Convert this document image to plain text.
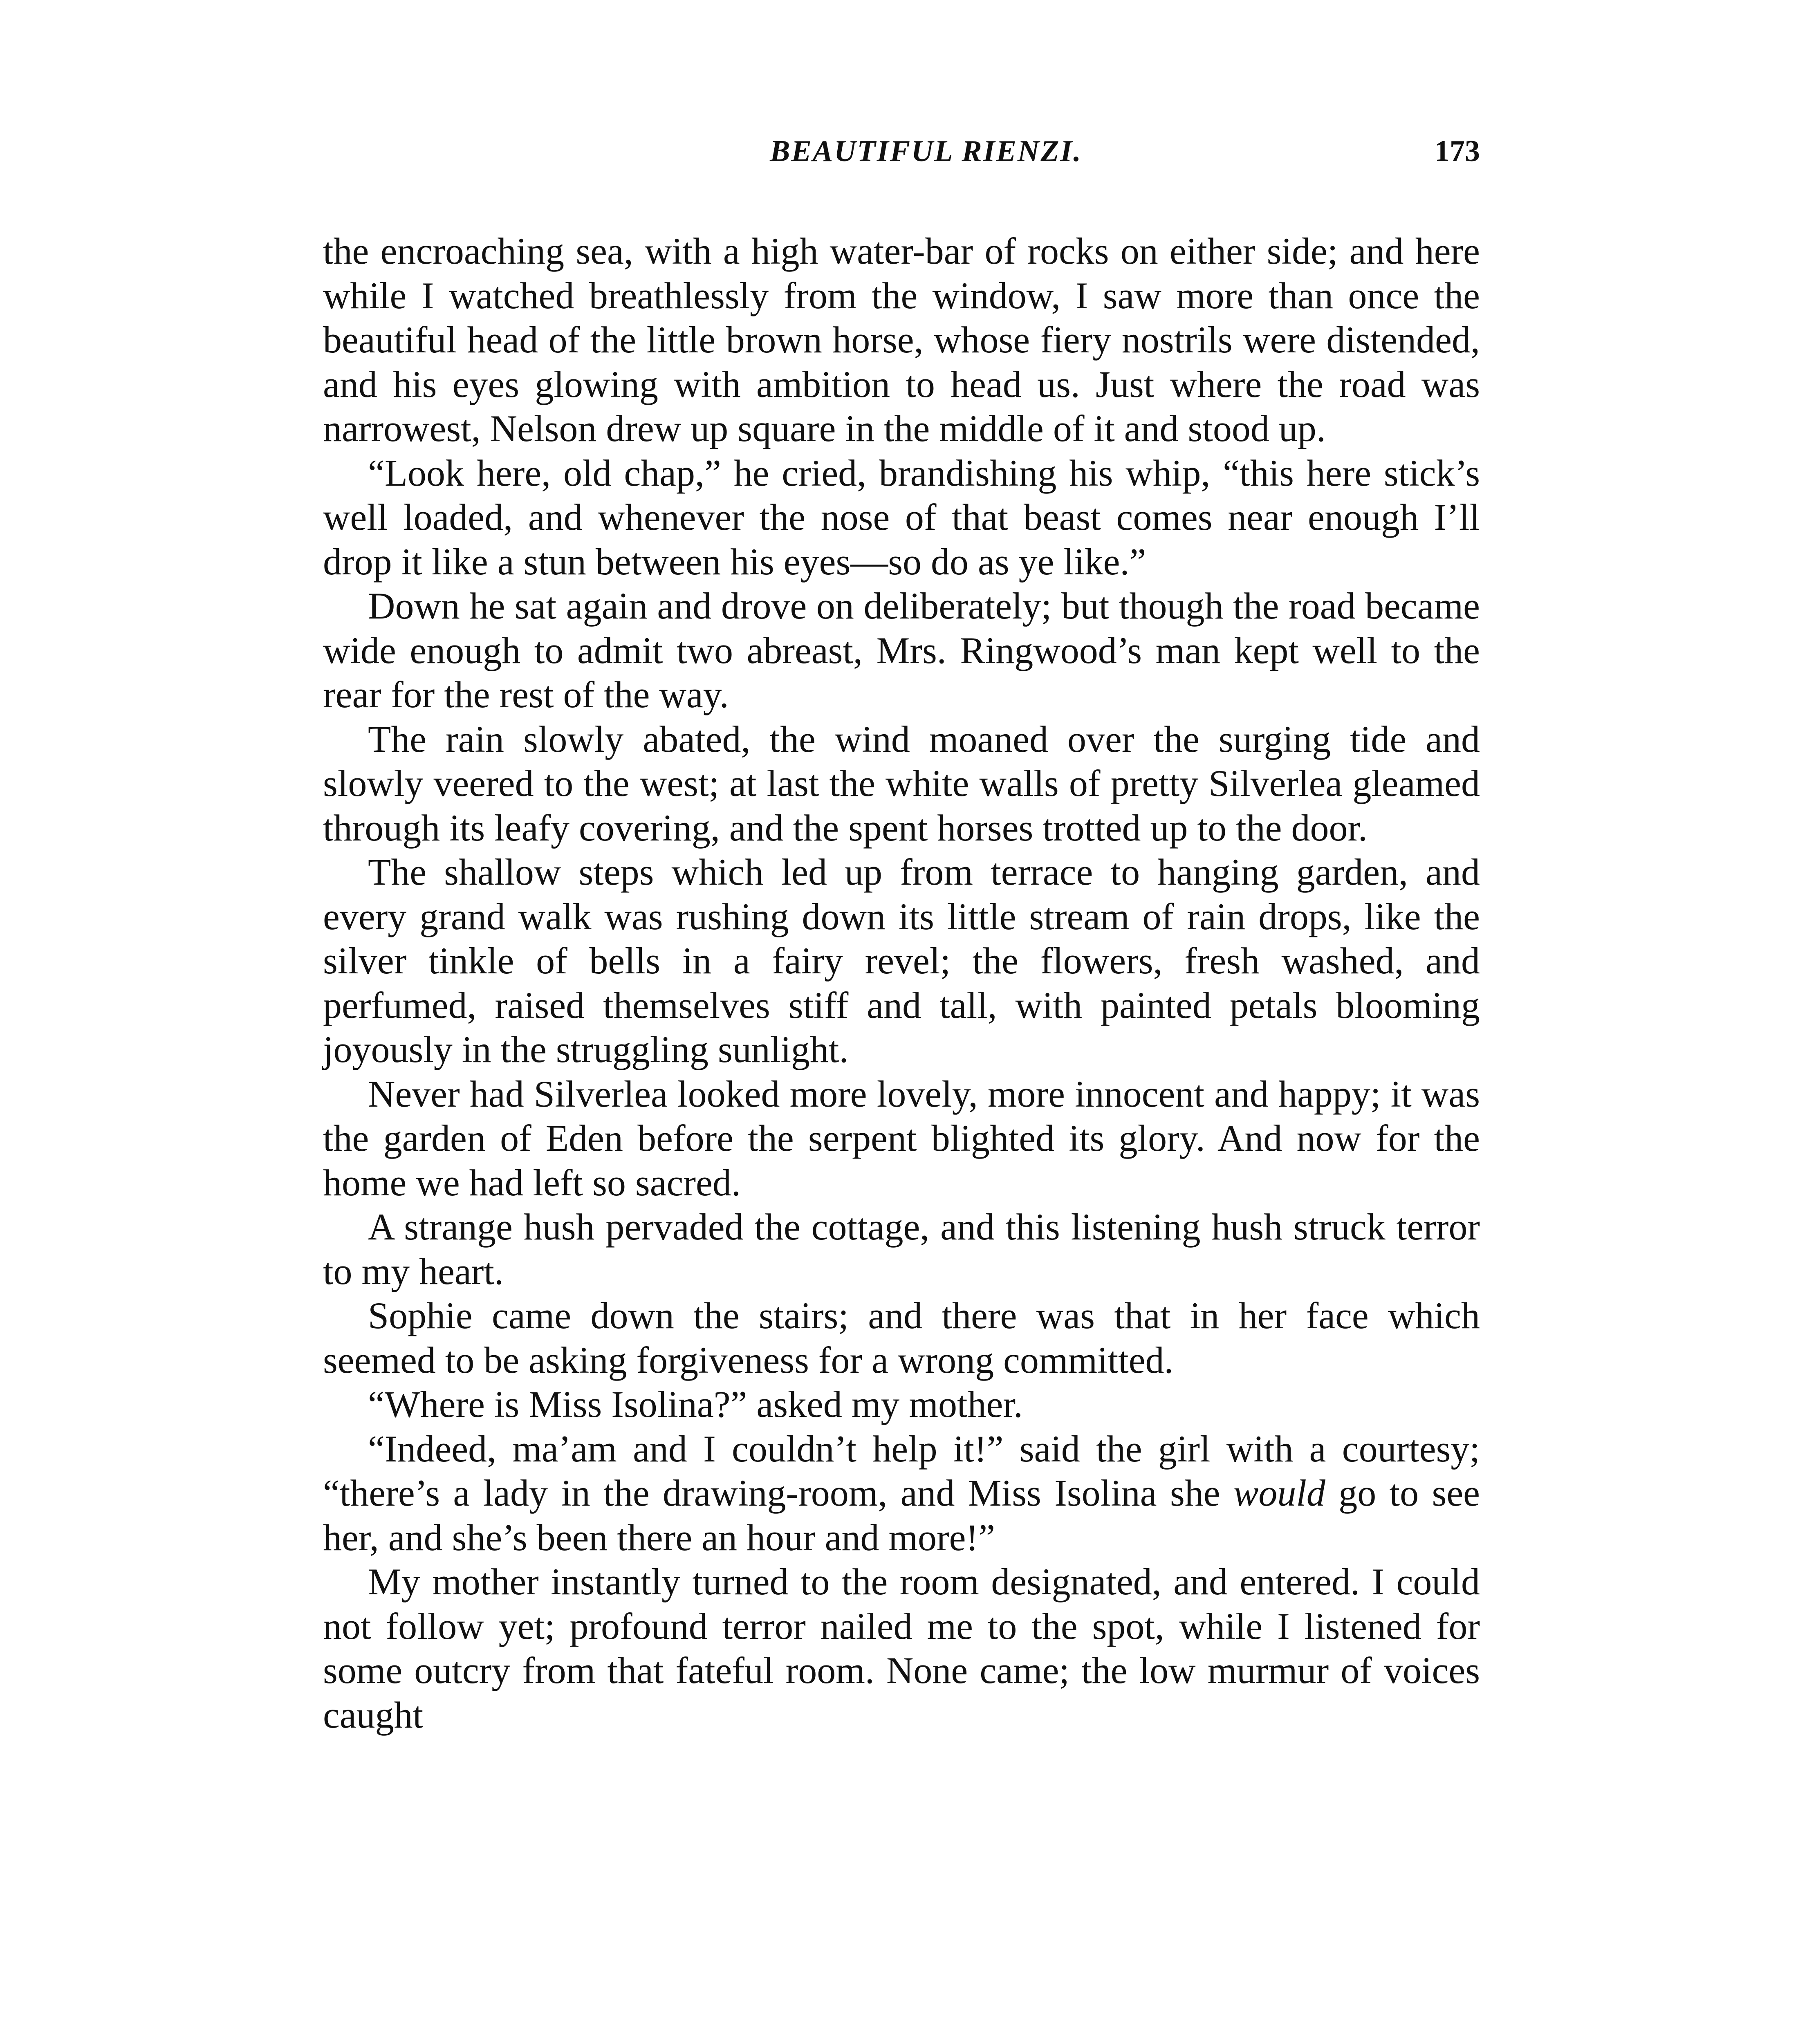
BEAUTIFUL RIENZI.	173

the encroaching sea, with a high water-bar of rocks on either side; and here while I watched breathlessly from the window, I saw more than once the beautiful head of the little brown horse, whose fiery nostrils were distended, and his eyes glowing with ambition to head us. Just where the road was narrowest, Nelson drew up square in the middle of it and stood up.

“Look here, old chap,” he cried, brandishing his whip, “this here stick’s well loaded, and whenever the nose of that beast comes near enough I’ll drop it like a stun between his eyes—so do as ye like.”

Down he sat again and drove on deliberately; but though the road became wide enough to admit two abreast, Mrs. Ringwood’s man kept well to the rear for the rest of the way.

The rain slowly abated, the wind moaned over the surging tide and slowly veered to the west; at last the white walls of pretty Silverlea gleamed through its leafy covering, and the spent horses trotted up to the door.

The shallow steps which led up from terrace to hanging garden, and every grand walk was rushing down its little stream of rain drops, like the silver tinkle of bells in a fairy revel; the flowers, fresh washed, and perfumed, raised themselves stiff and tall, with painted petals blooming joyously in the struggling sunlight.

Never had Silverlea looked more lovely, more innocent and happy; it was the garden of Eden before the serpent blighted its glory. And now for the home we had left so sacred.

A strange hush pervaded the cottage, and this listening hush struck terror to my heart.

Sophie came down the stairs; and there was that in her face which seemed to be asking forgiveness for a wrong committed.

“Where is Miss Isolina?” asked my mother.

“Indeed, ma’am and I couldn’t help it!” said the girl with a courtesy; “there’s a lady in the drawing-room, and Miss Isolina she would go to see her, and she’s been there an hour and more!”

My mother instantly turned to the room designated, and entered. I could not follow yet; profound terror nailed me to the spot, while I listened for some outcry from that fateful room. None came; the low murmur of voices caught
